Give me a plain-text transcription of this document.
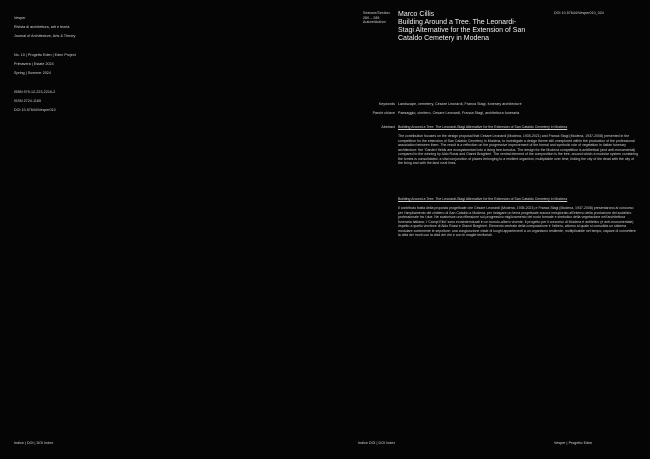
Vesper

Rivista di architettura, arti e teoria

Journal of Architecture, Arts & Theory

No. 10 | Progetto Eden | Eden Project

Primavera | Estate 2024

Spring | Summer 2024

ISBN 979-12-223-2216-2

ISSN 2724-1165

DOI 10.57644/Vesper010

Sezione/Section
260 – 289
Autore/Author
Marco Cillis
Building Around a Tree. The Leonardi-Stagi Alternative for the Extension of San Cataldo Cemetery in Modena
DOI 10.57644/Vesper010_024

Keywords

Parole chiave

Landscape, cemetery, Cesare Leonardi, Franca Stagi, funerary architecture

Paesaggio, cimitero, Cesare Leonardi, Franca Stagi, architettura funeraria

Abstract Building Around a Tree. The Leonardi-Stagi Alternative for the Extension of San Cataldo Cemetery in Modena
The contribution focuses on the design proposal that Cesare Leonardi (Modena, 1935-2021) and Franca Stagi (Modena, 1937-2008) presented in the competition for the extension of San Cataldo Cemetery in Modena, to investigate a design theme still unexplored within the production of the professional association between them. The result is a reflection on the progressive improvement of the formal and symbolic role of vegetation in Italian funerary architecture: the ‘Garden’ fields are ecosystemised into a living tree-tumulus. The design for the Modena competition is antithetical (and anti-monumental) compared to the winning by Aldo Rossi and Gianni Braghieri. The central element of the composition is the tree, around which a modular system containing the tombs is consolidated: a vital conjunction of places belonging to a resilient organism, multipliable over time, linking the city of the dead with the city of the living and with the land rural lines.
Building Around a Tree. The Leonardi-Stagi Alternative for the Extension of San Cataldo Cemetery in Modena
Il contributo tratta della proposta progettuale che Cesare Leonardi (Modena, 1935-2021) e Franca Stagi (Modena, 1937-2008) presentarono al concorso per l’ampliamento del cimitero di San Cataldo a Modena, per indagare un tema progettuale ancora inesplorato all’interno della produzione del sodalizio professionale tra i due. Ne scaturisce una riflessione sul progressivo miglioramento del ruolo formale e simbolico della vegetazione nell’architettura funeraria italiana: i ‘Campi Elisi’ sono ecosistemizzati in un tumulo-albero vivente. Il progetto per il concorso di Modena è antitetico (e anti-monumentale) rispetto a quello vincitore di Aldo Rossi e Gianni Braghieri. Elemento centrale della composizione è l’albero, attorno al quale si consolida un sistema modulare contenente le sepolture: una congiunzione vitale di luoghi appartenenti a un organismo resiliente, moltiplicabile nel tempo, capace di connettere la città dei morti con la città dei vivi e con le maglie territoriali.
Indice | DOI | DOI Index	Indice DOI | DOI Index	Vesper | Progetto Eden
